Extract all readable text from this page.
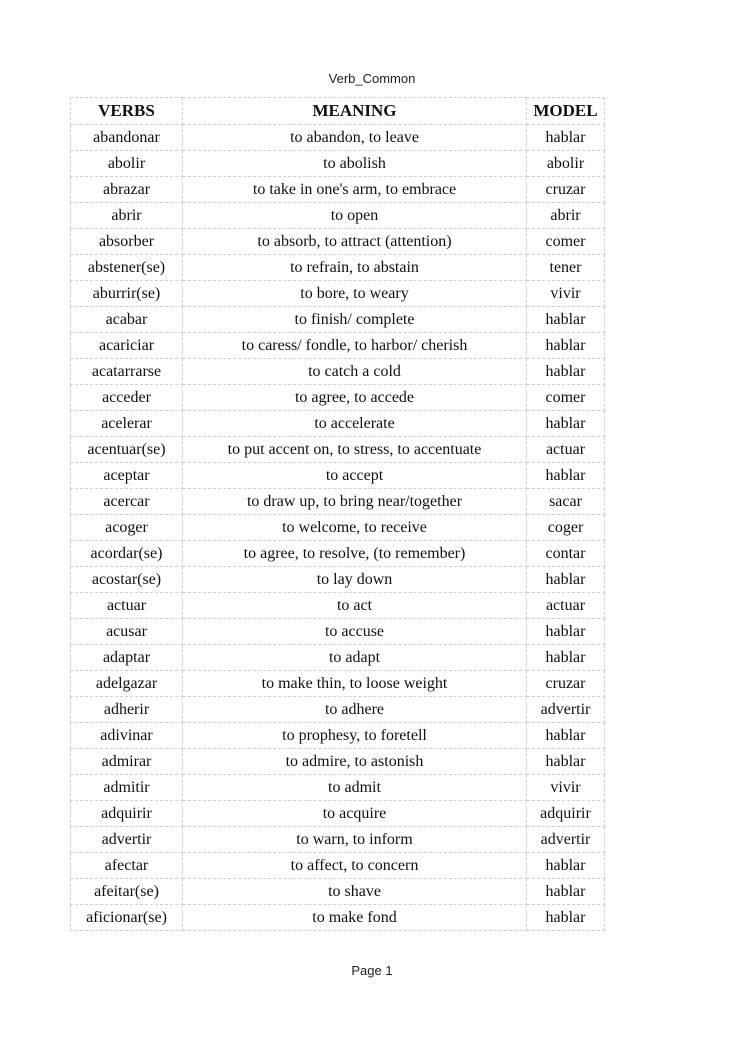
Verb_Common
VERBS	MEANING	MODEL
abandonar	to abandon, to leave	hablar
abolir	to abolish	abolir
abrazar	to take in one's arm, to embrace	cruzar
abrir	to open	abrir
absorber	to absorb, to attract (attention)	comer
abstener(se)	to refrain, to abstain	tener
aburrir(se)	to bore, to weary	vivir
acabar	to finish/ complete	hablar
acariciar	to caress/ fondle, to harbor/ cherish	hablar
acatarrarse	to catch a cold	hablar
acceder	to agree, to accede	comer
acelerar	to accelerate	hablar
acentuar(se)	to put accent on, to stress, to accentuate	actuar
aceptar	to accept	hablar
acercar	to draw up, to bring near/together	sacar
acoger	to welcome, to receive	coger
acordar(se)	to agree, to resolve, (to remember)	contar
acostar(se)	to lay down	hablar
actuar	to act	actuar
acusar	to accuse	hablar
adaptar	to adapt	hablar
adelgazar	to make thin, to loose weight	cruzar
adherir	to adhere	advertir
adivinar	to prophesy, to foretell	hablar
admirar	to admire, to astonish	hablar
admitir	to admit	vivir
adquirir	to acquire	adquirir
advertir	to warn, to inform	advertir
afectar	to affect, to concern	hablar
afeitar(se)	to shave	hablar
aficionar(se)	to make fond	hablar
Page 1
